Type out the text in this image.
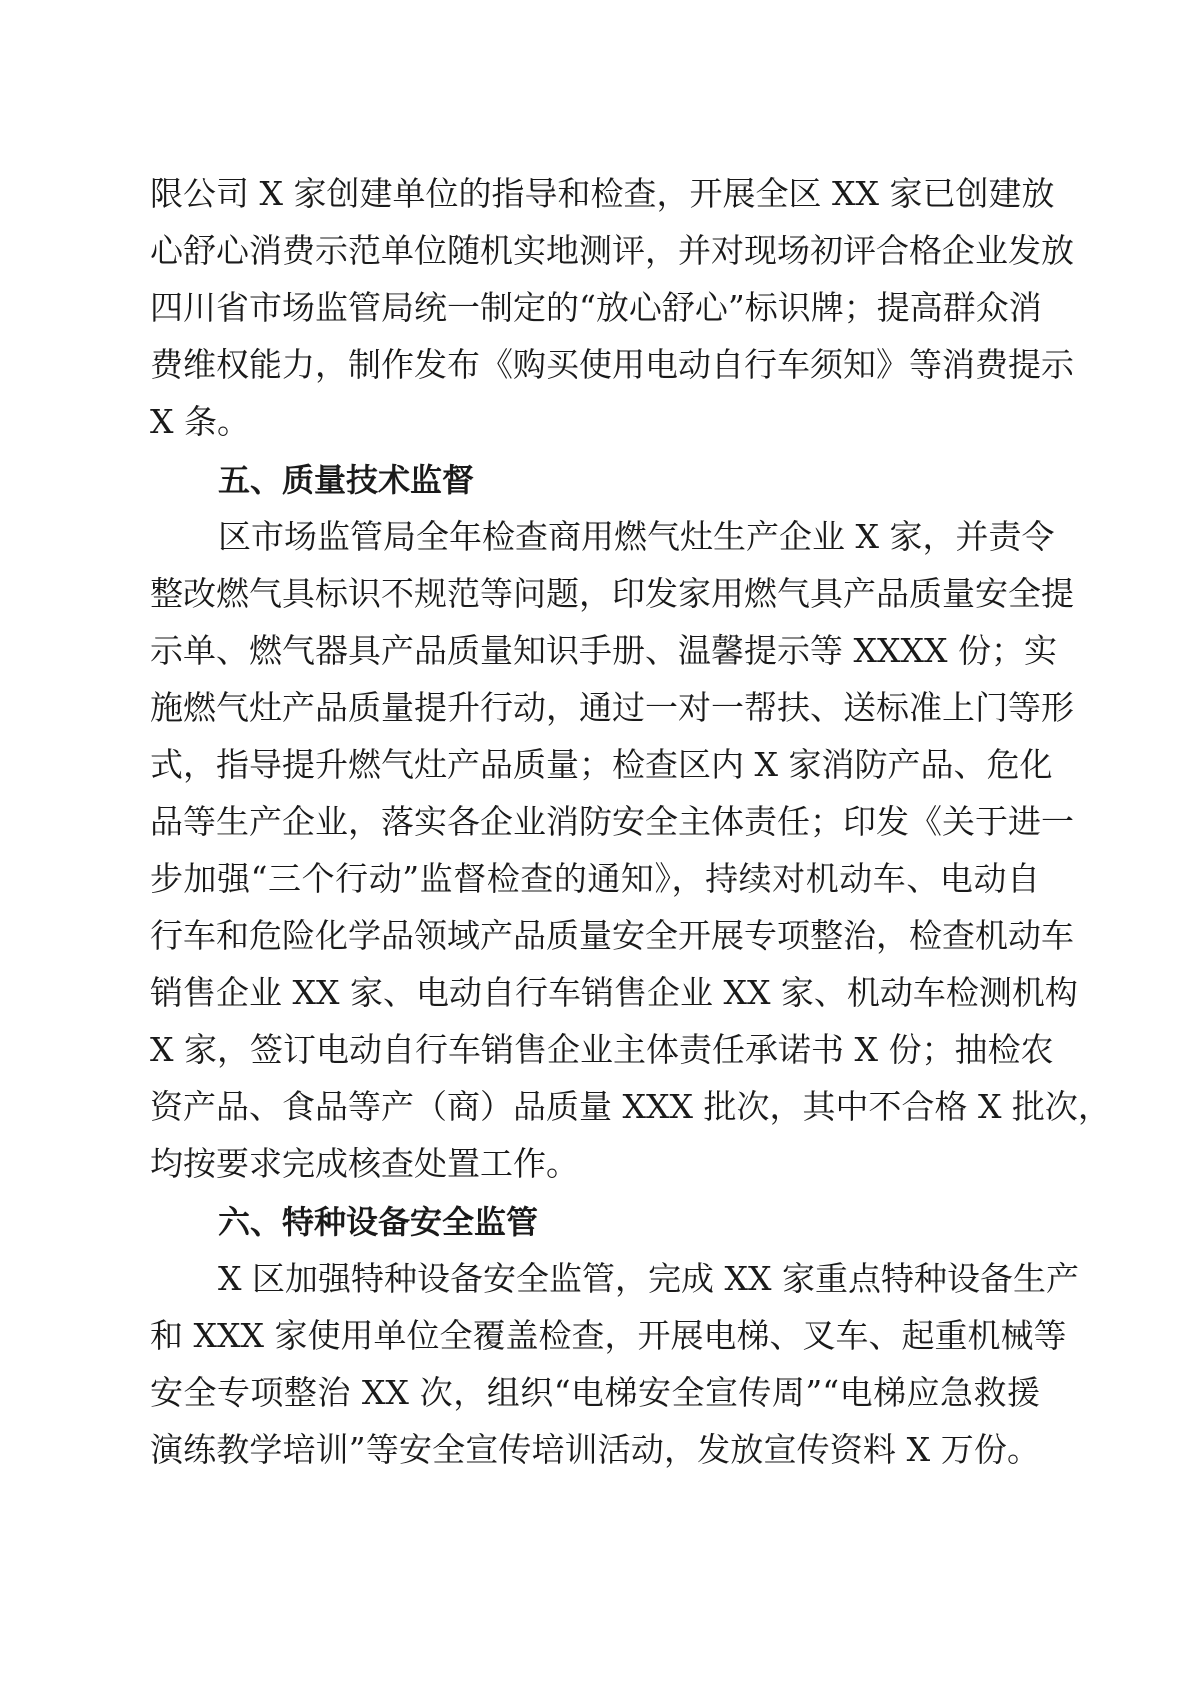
限公司 X 家创建单位的指导和检查，开展全区 XX 家已创建放
心舒心消费示范单位随机实地测评，并对现场初评合格企业发放
四川省市场监管局统一制定的“放心舒心”标识牌；提高群众消
费维权能力，制作发布《购买使用电动自行车须知》等消费提示
X 条。
五、质量技术监督
区市场监管局全年检查商用燃气灶生产企业 X 家，并责令
整改燃气具标识不规范等问题，印发家用燃气具产品质量安全提
示单、燃气器具产品质量知识手册、温馨提示等 XXXX 份；实
施燃气灶产品质量提升行动，通过一对一帮扶、送标准上门等形
式，指导提升燃气灶产品质量；检查区内 X 家消防产品、危化
品等生产企业，落实各企业消防安全主体责任；印发《关于进一
步加强“三个行动”监督检查的通知》，持续对机动车、电动自
行车和危险化学品领域产品质量安全开展专项整治，检查机动车
销售企业 XX 家、电动自行车销售企业 XX 家、机动车检测机构
X 家，签订电动自行车销售企业主体责任承诺书 X 份；抽检农
资产品、食品等产（商）品质量 XXX 批次，其中不合格 X 批次，
均按要求完成核查处置工作。
六、特种设备安全监管
X 区加强特种设备安全监管，完成 XX 家重点特种设备生产
和 XXX 家使用单位全覆盖检查，开展电梯、叉车、起重机械等
安全专项整治 XX 次，组织“电梯安全宣传周”“电梯应急救援
演练教学培训”等安全宣传培训活动，发放宣传资料 X 万份。
